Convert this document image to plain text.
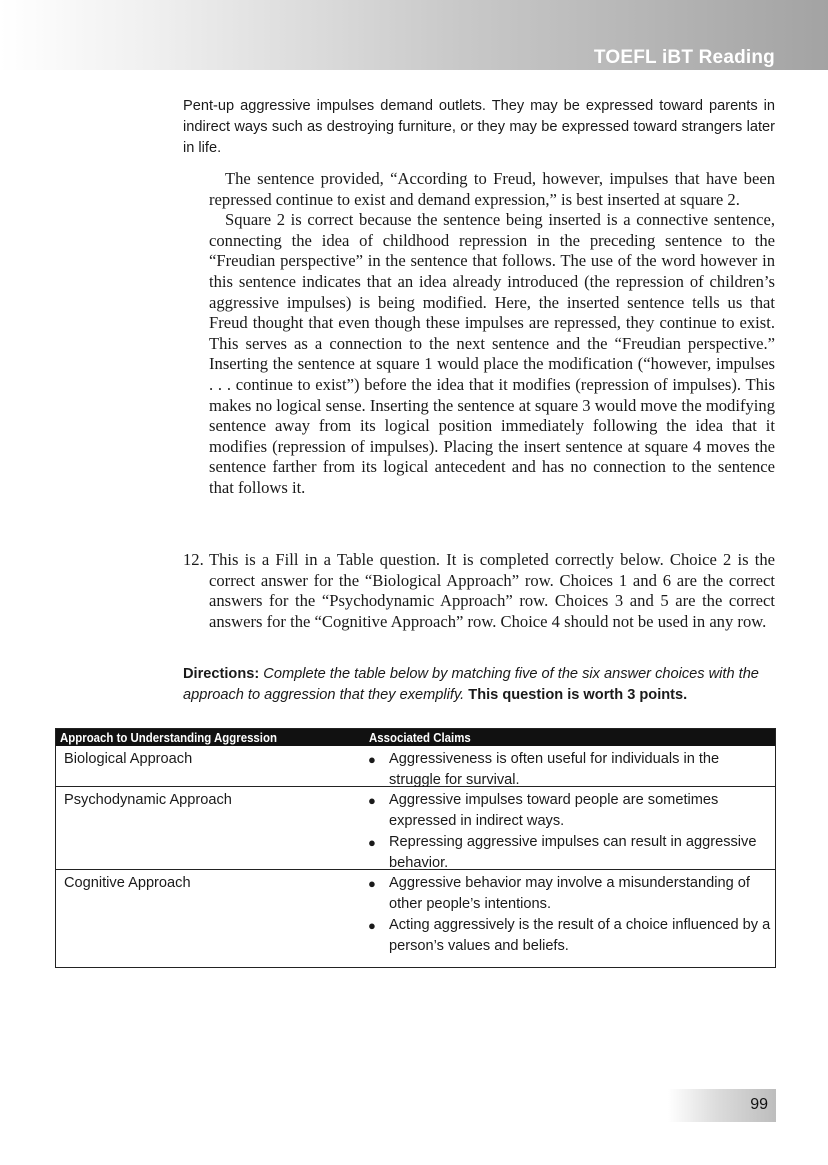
TOEFL iBT Reading

Pent-up aggressive impulses demand outlets. They may be expressed toward parents in indirect ways such as destroying furniture, or they may be expressed toward strangers later in life.

The sentence provided, “According to Freud, however, impulses that have been repressed continue to exist and demand expression,” is best inserted at square 2.

Square 2 is correct because the sentence being inserted is a connective sentence, connecting the idea of childhood repression in the preceding sentence to the “Freudian perspective” in the sentence that follows. The use of the word however in this sentence indicates that an idea already introduced (the repression of children’s aggressive impulses) is being modified. Here, the inserted sentence tells us that Freud thought that even though these impulses are repressed, they continue to exist. This serves as a connection to the next sentence and the “Freudian perspective.” Inserting the sentence at square 1 would place the modification (“however, impulses . . . continue to exist”) before the idea that it modifies (repression of impulses). This makes no logical sense. Inserting the sentence at square 3 would move the modifying sentence away from its logical position immediately following the idea that it modifies (repression of impulses). Placing the insert sentence at square 4 moves the sentence farther from its logical antecedent and has no connection to the sentence that follows it.

12. This is a Fill in a Table question. It is completed correctly below. Choice 2 is the correct answer for the “Biological Approach” row. Choices 1 and 6 are the correct answers for the “Psychodynamic Approach” row. Choices 3 and 5 are the correct answers for the “Cognitive Approach” row. Choice 4 should not be used in any row.

Directions: Complete the table below by matching five of the six answer choices with the approach to aggression that they exemplify. This question is worth 3 points.

Approach to Understanding Aggression	Associated Claims
Biological Approach	● Aggressiveness is often useful for individuals in the struggle for survival.
Psychodynamic Approach	● Aggressive impulses toward people are sometimes expressed in indirect ways.
● Repressing aggressive impulses can result in aggressive behavior.
Cognitive Approach	● Aggressive behavior may involve a misunderstanding of other people’s intentions.
● Acting aggressively is the result of a choice influenced by a person’s values and beliefs.
99
